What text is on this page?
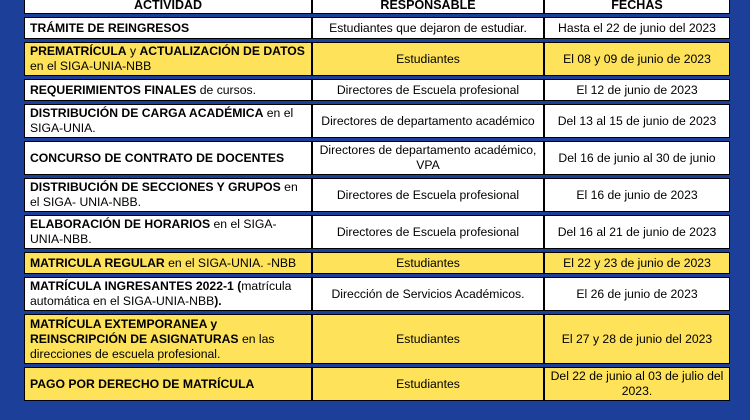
ACTIVIDAD	RESPONSABLE	FECHAS
TRÁMITE DE REINGRESOS	Estudiantes que dejaron de estudiar.	Hasta el 22 de junio del 2023
PREMATRÍCULA y ACTUALIZACIÓN DE DATOS en el SIGA-UNIA-NBB	Estudiantes	El 08 y 09 de junio de 2023
REQUERIMIENTOS FINALES de cursos.	Directores de Escuela profesional	El 12 de junio de 2023
DISTRIBUCIÓN DE CARGA ACADÉMICA en el SIGA-UNIA.	Directores de departamento académico	Del 13 al 15 de junio de 2023
CONCURSO DE CONTRATO DE DOCENTES	Directores de departamento académico, VPA	Del 16 de junio al 30 de junio
DISTRIBUCIÓN DE SECCIONES Y GRUPOS en el SIGA- UNIA-NBB.	Directores de Escuela profesional	El 16 de junio de 2023
ELABORACIÓN DE HORARIOS en el SIGA- UNIA-NBB.	Directores de Escuela profesional	Del 16 al 21 de junio de 2023
MATRICULA REGULAR en el SIGA-UNIA. -NBB	Estudiantes	El 22 y 23 de junio de 2023
MATRÍCULA INGRESANTES 2022-1 (matrícula automática en el SIGA-UNIA-NBB).	Dirección de Servicios Académicos.	El 26 de junio de 2023
MATRÍCULA EXTEMPORANEA y REINSCRIPCIÓN DE ASIGNATURAS en las direcciones de escuela profesional.	Estudiantes	El 27 y 28 de junio del 2023
PAGO POR DERECHO DE MATRÍCULA	Estudiantes	Del 22 de junio al 03 de julio del 2023.
